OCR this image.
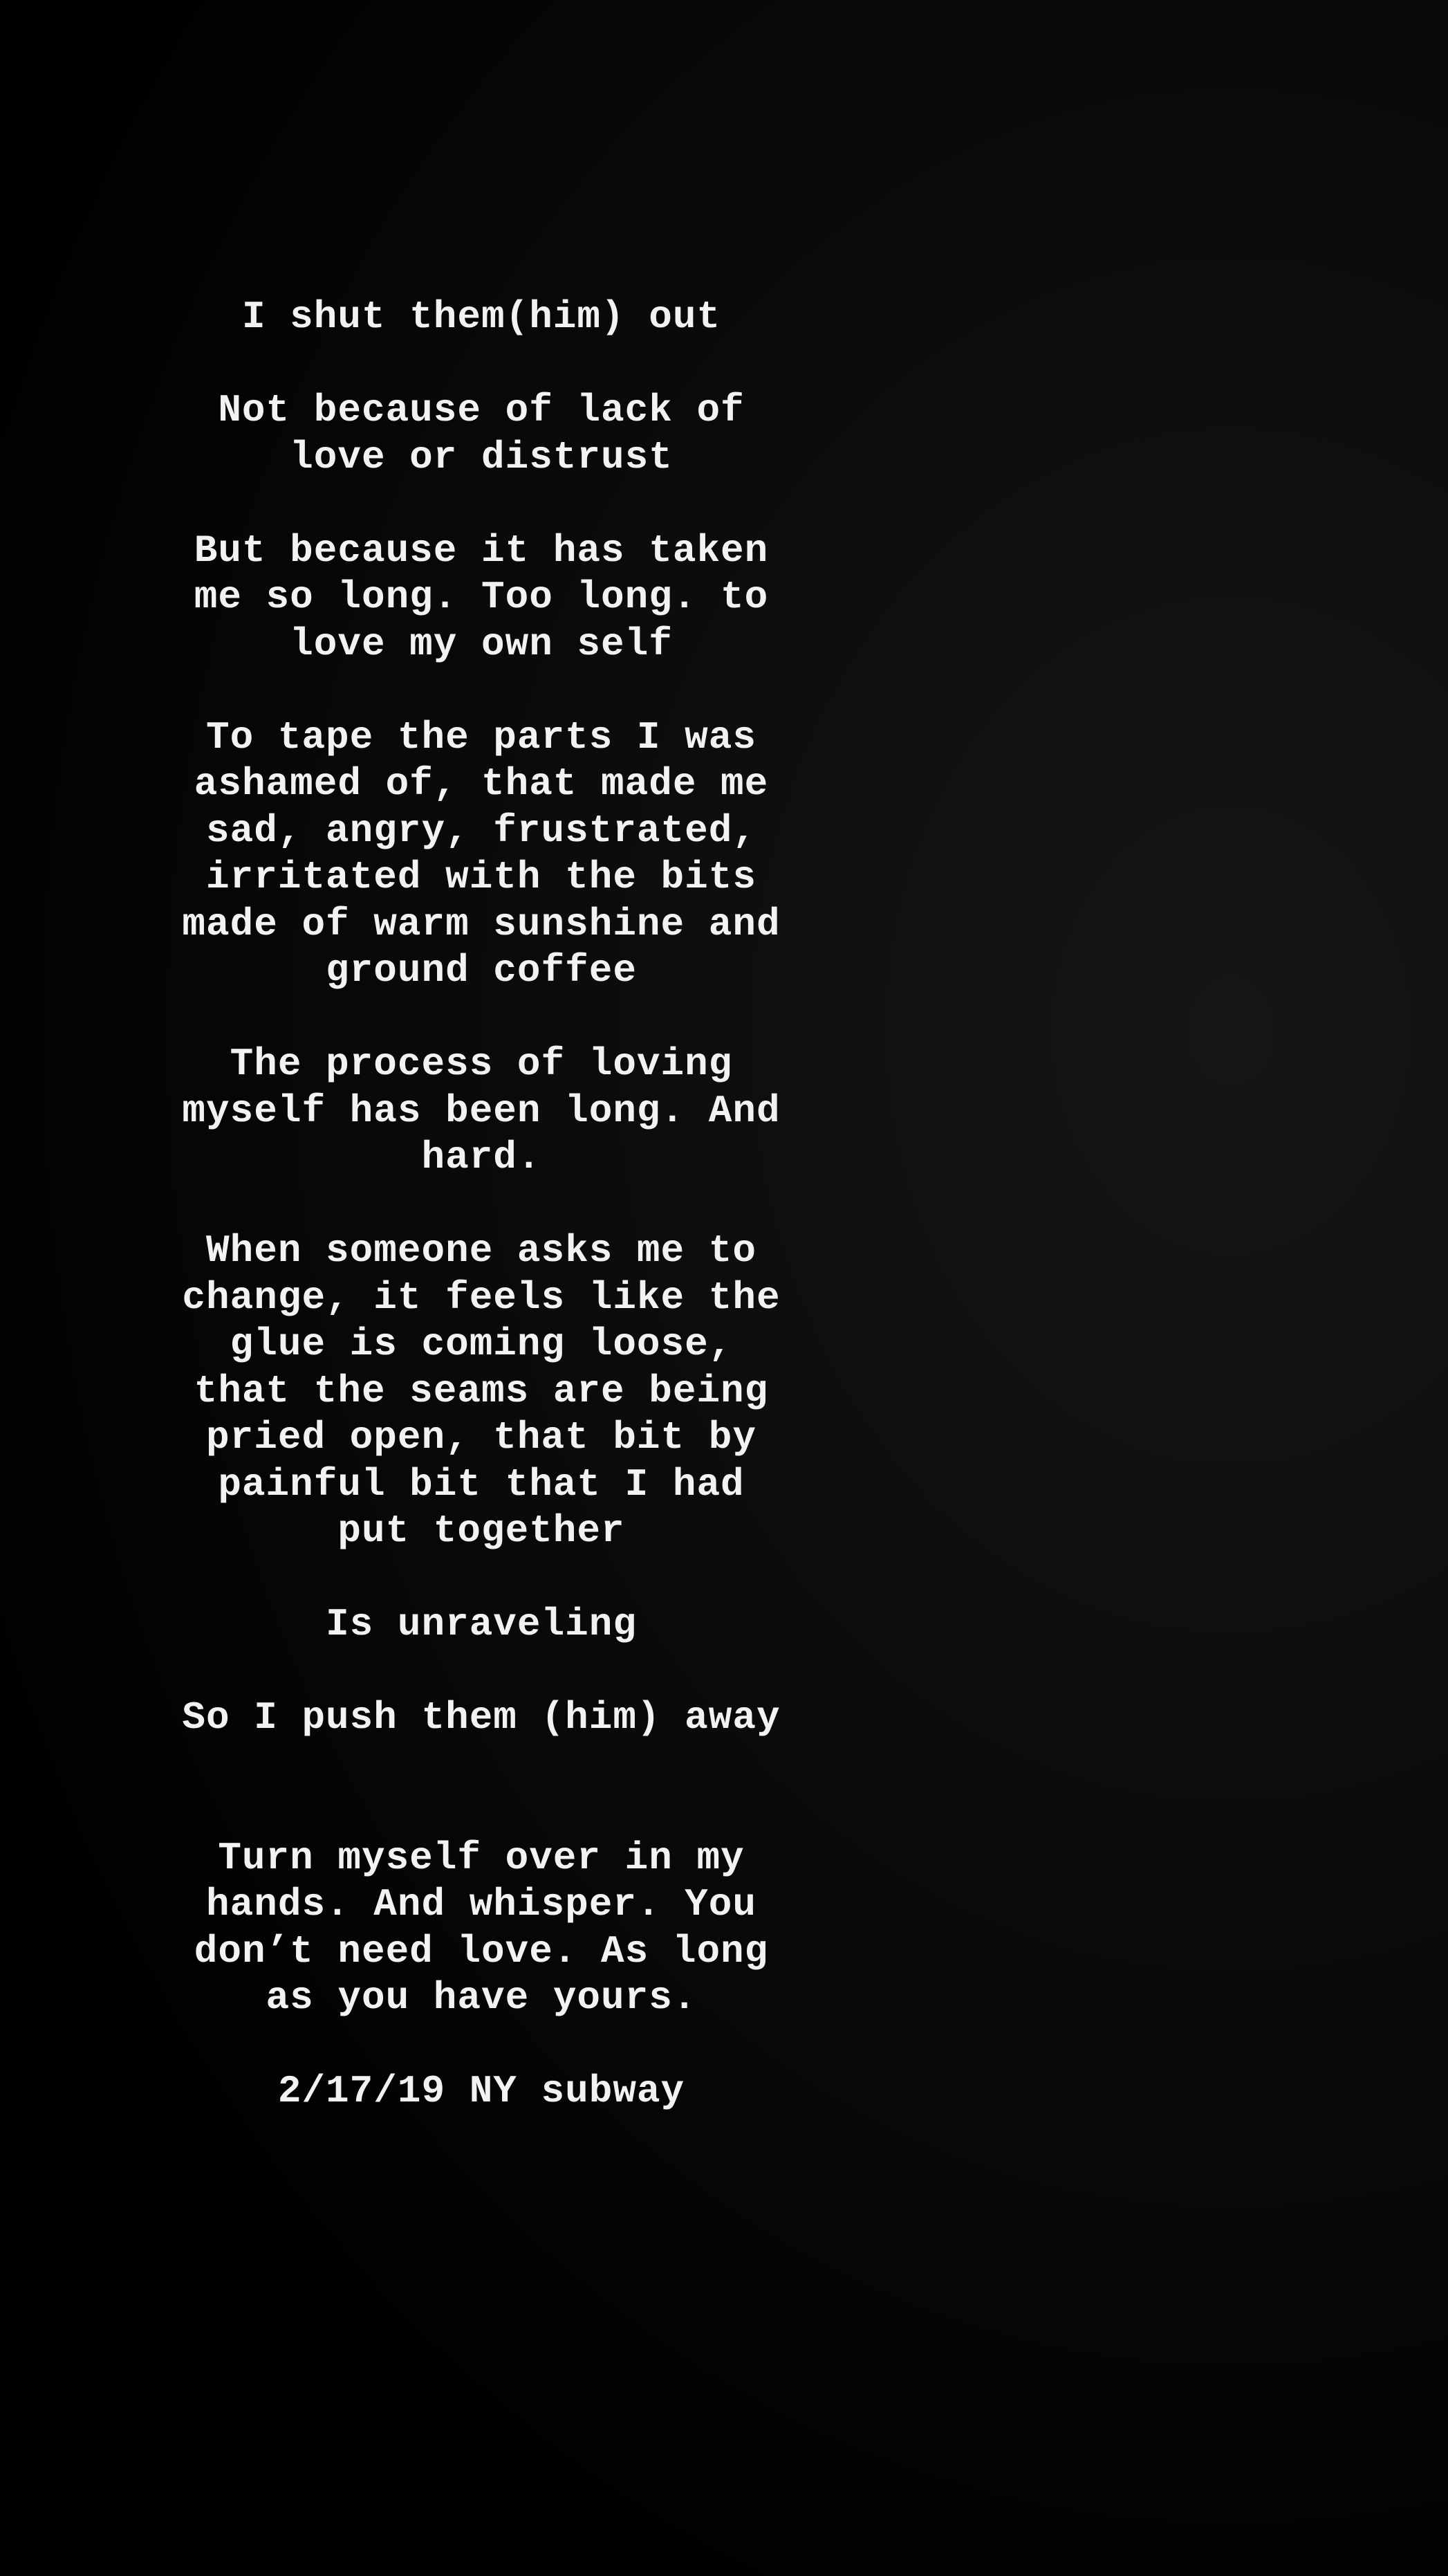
I shut them(him) out
Not because of lack of
love or distrust
But because it has taken
me so long. Too long. to
love my own self
To tape the parts I was
ashamed of, that made me
sad, angry, frustrated,
irritated with the bits
made of warm sunshine and
ground coffee
The process of loving
myself has been long. And
hard.
When someone asks me to
change, it feels like the
glue is coming loose,
that the seams are being
pried open, that bit by
painful bit that I had
put together
Is unraveling
So I push them (him) away
Turn myself over in my
hands. And whisper. You
don’t need love. As long
as you have yours.
2/17/19 NY subway
